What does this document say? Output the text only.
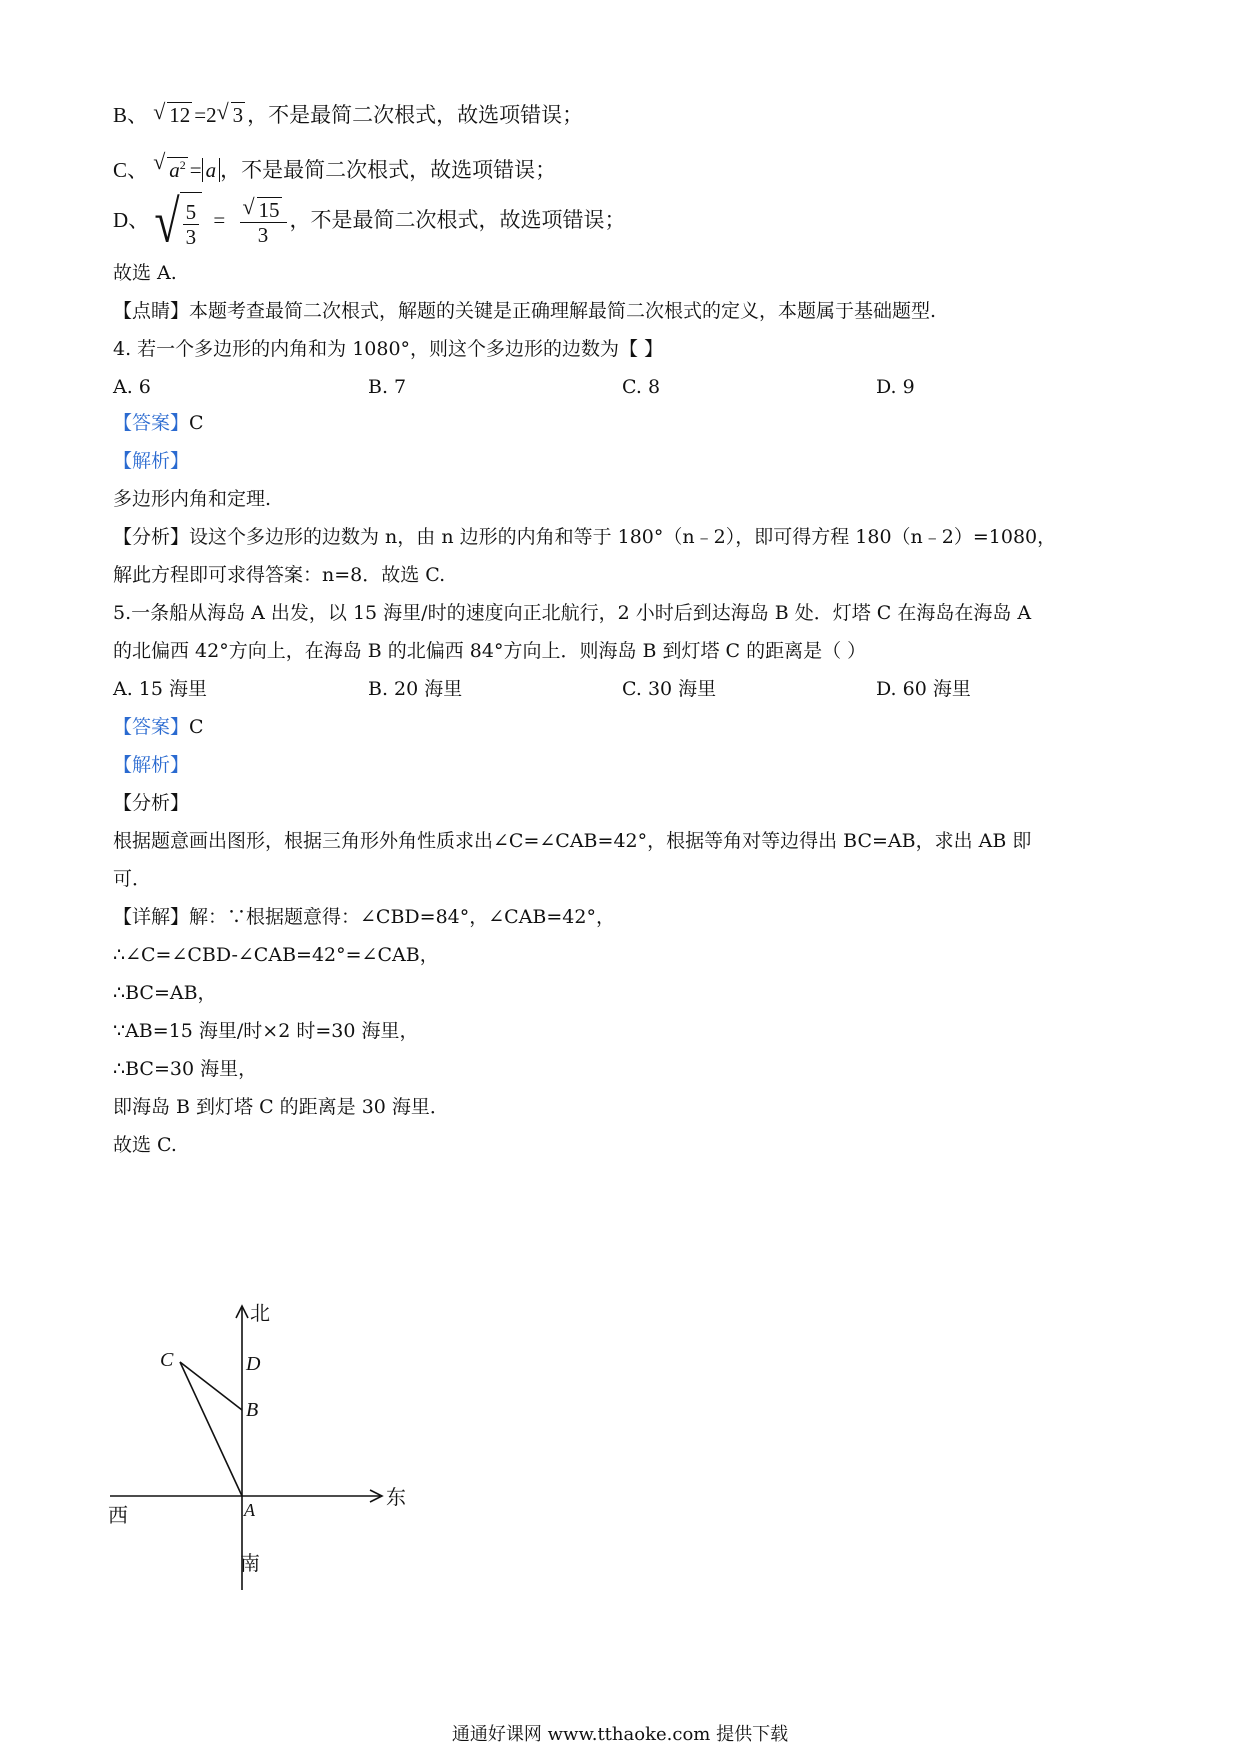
B、 √ 12 =2 √ 3 ，不是最简二次根式，故选项错误；
C、 √ $a^2 = a$ ，不是最简二次根式，故选项错误；
D、 √ $\frac{5}{3} = \frac{√ 15}{3}$ ，不是最简二次根式，故选项错误；
故选 A.
【点睛】本题考查最简二次根式，解题的关键是正确理解最简二次根式的定义，本题属于基础题型.
4. 若一个多边形的内角和为 1080°，则这个多边形的边数为【 】
A. 6	B. 7	C. 8	D. 9
【答案】C
【解析】
多边形内角和定理.
【分析】设这个多边形的边数为 n，由 n 边形的内角和等于 180°（n﹣2），即可得方程 180（n﹣2）=1080，
解此方程即可求得答案：n=8．故选 C.
5.一条船从海岛 A 出发，以 15 海里/时的速度向正北航行，2 小时后到达海岛 B 处．灯塔 C 在海岛在海岛 A
的北偏西 42°方向上，在海岛 B 的北偏西 84°方向上．则海岛 B 到灯塔 C 的距离是（ ）
A. 15 海里	B. 20 海里	C. 30 海里	D. 60 海里
【答案】C
【解析】
【分析】
根据题意画出图形，根据三角形外角性质求出∠C=∠CAB=42°，根据等角对等边得出 BC=AB，求出 AB 即
可．
【详解】解：∵根据题意得：∠CBD=84°，∠CAB=42°，
∴∠C=∠CBD-∠CAB=42°=∠CAB，
∴BC=AB，
∵AB=15 海里/时×2 时=30 海里，
∴BC=30 海里，
即海岛 B 到灯塔 C 的距离是 30 海里．
故选 C.
北
东
西
南
C	D
B
A
通通好课网 www.tthaoke.com 提供下载
